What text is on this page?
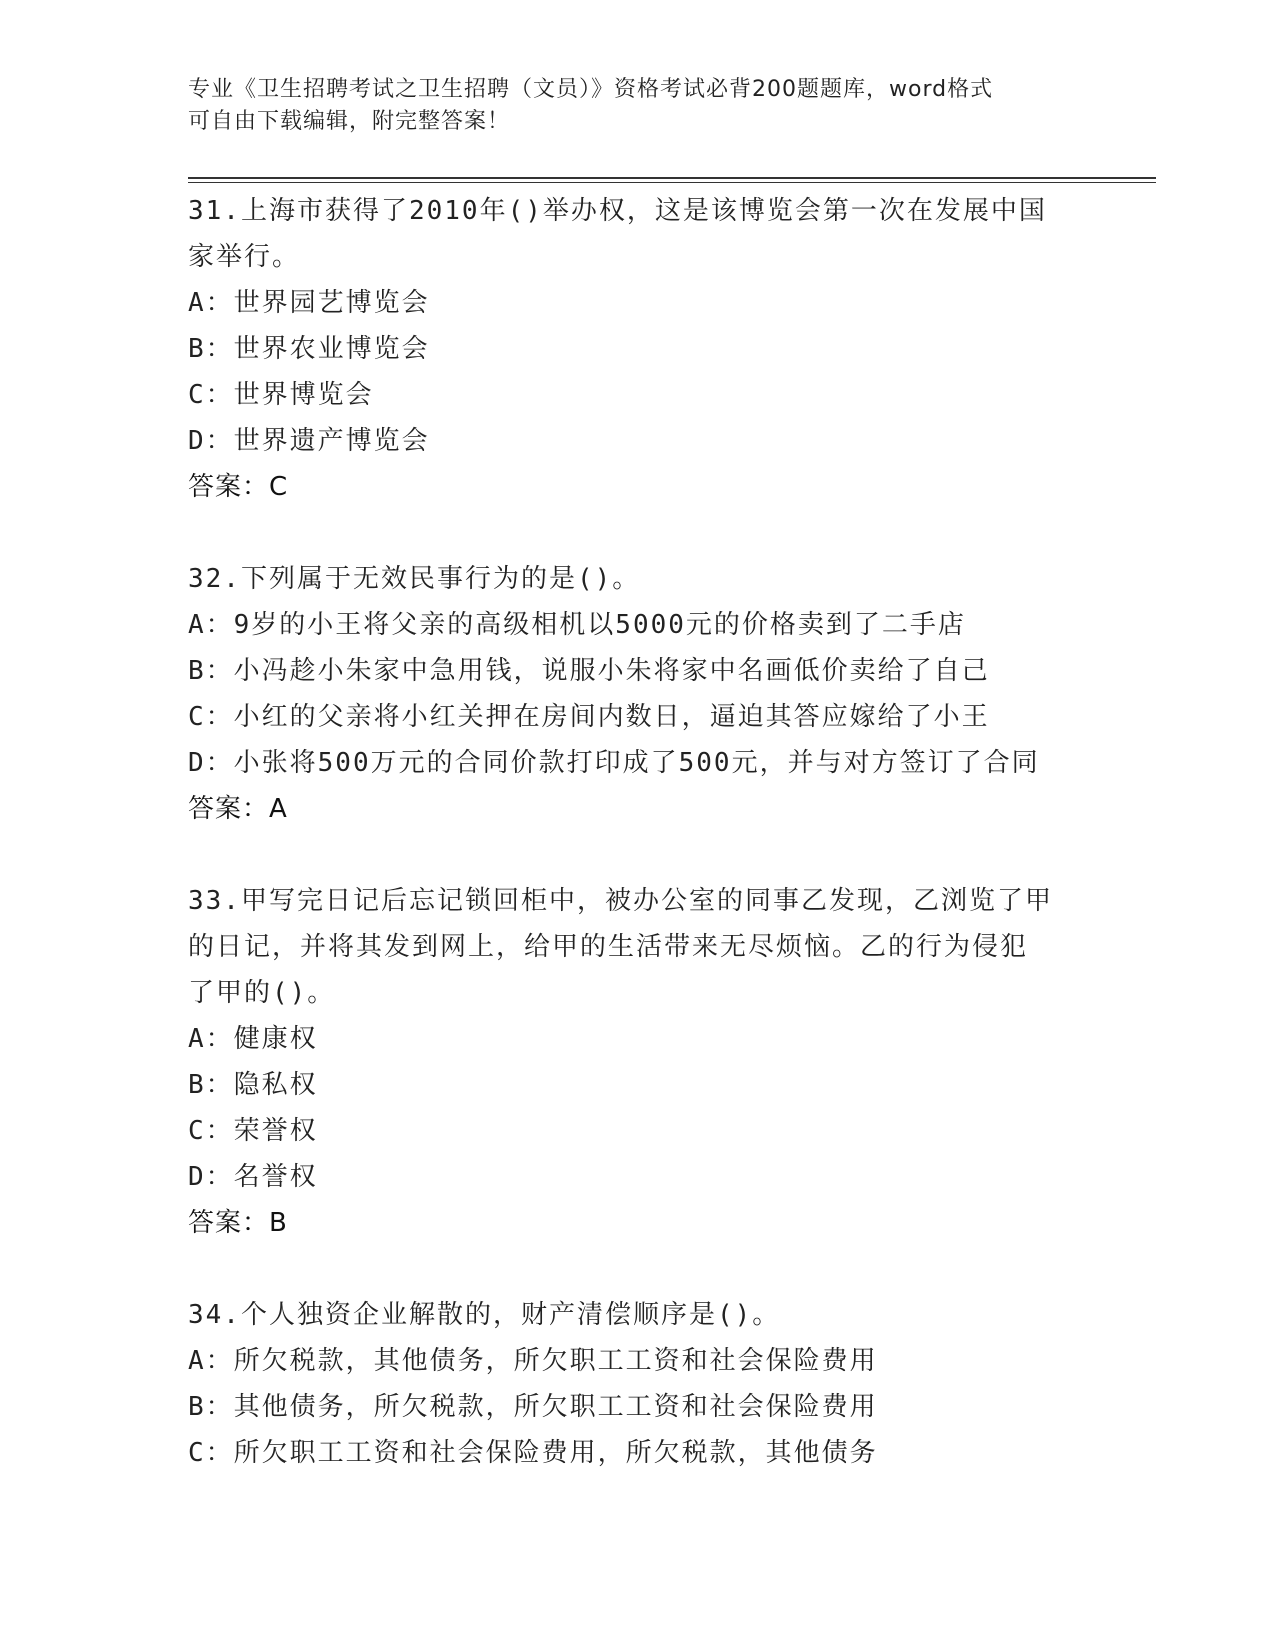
专业《卫生招聘考试之卫生招聘（文员）》资格考试必背200题题库，word格式
可自由下载编辑，附完整答案！
31.上海市获得了2010年()举办权，这是该博览会第一次在发展中国
家举行。
A：世界园艺博览会
B：世界农业博览会
C：世界博览会
D：世界遗产博览会
答案：C
32.下列属于无效民事行为的是()。
A：9岁的小王将父亲的高级相机以5000元的价格卖到了二手店
B：小冯趁小朱家中急用钱，说服小朱将家中名画低价卖给了自己
C：小红的父亲将小红关押在房间内数日，逼迫其答应嫁给了小王
D：小张将500万元的合同价款打印成了500元，并与对方签订了合同
答案：A
33.甲写完日记后忘记锁回柜中，被办公室的同事乙发现，乙浏览了甲
的日记，并将其发到网上，给甲的生活带来无尽烦恼。乙的行为侵犯
了甲的()。
A：健康权
B：隐私权
C：荣誉权
D：名誉权
答案：B
34.个人独资企业解散的，财产清偿顺序是()。
A：所欠税款，其他债务，所欠职工工资和社会保险费用
B：其他债务，所欠税款，所欠职工工资和社会保险费用
C：所欠职工工资和社会保险费用，所欠税款，其他债务
